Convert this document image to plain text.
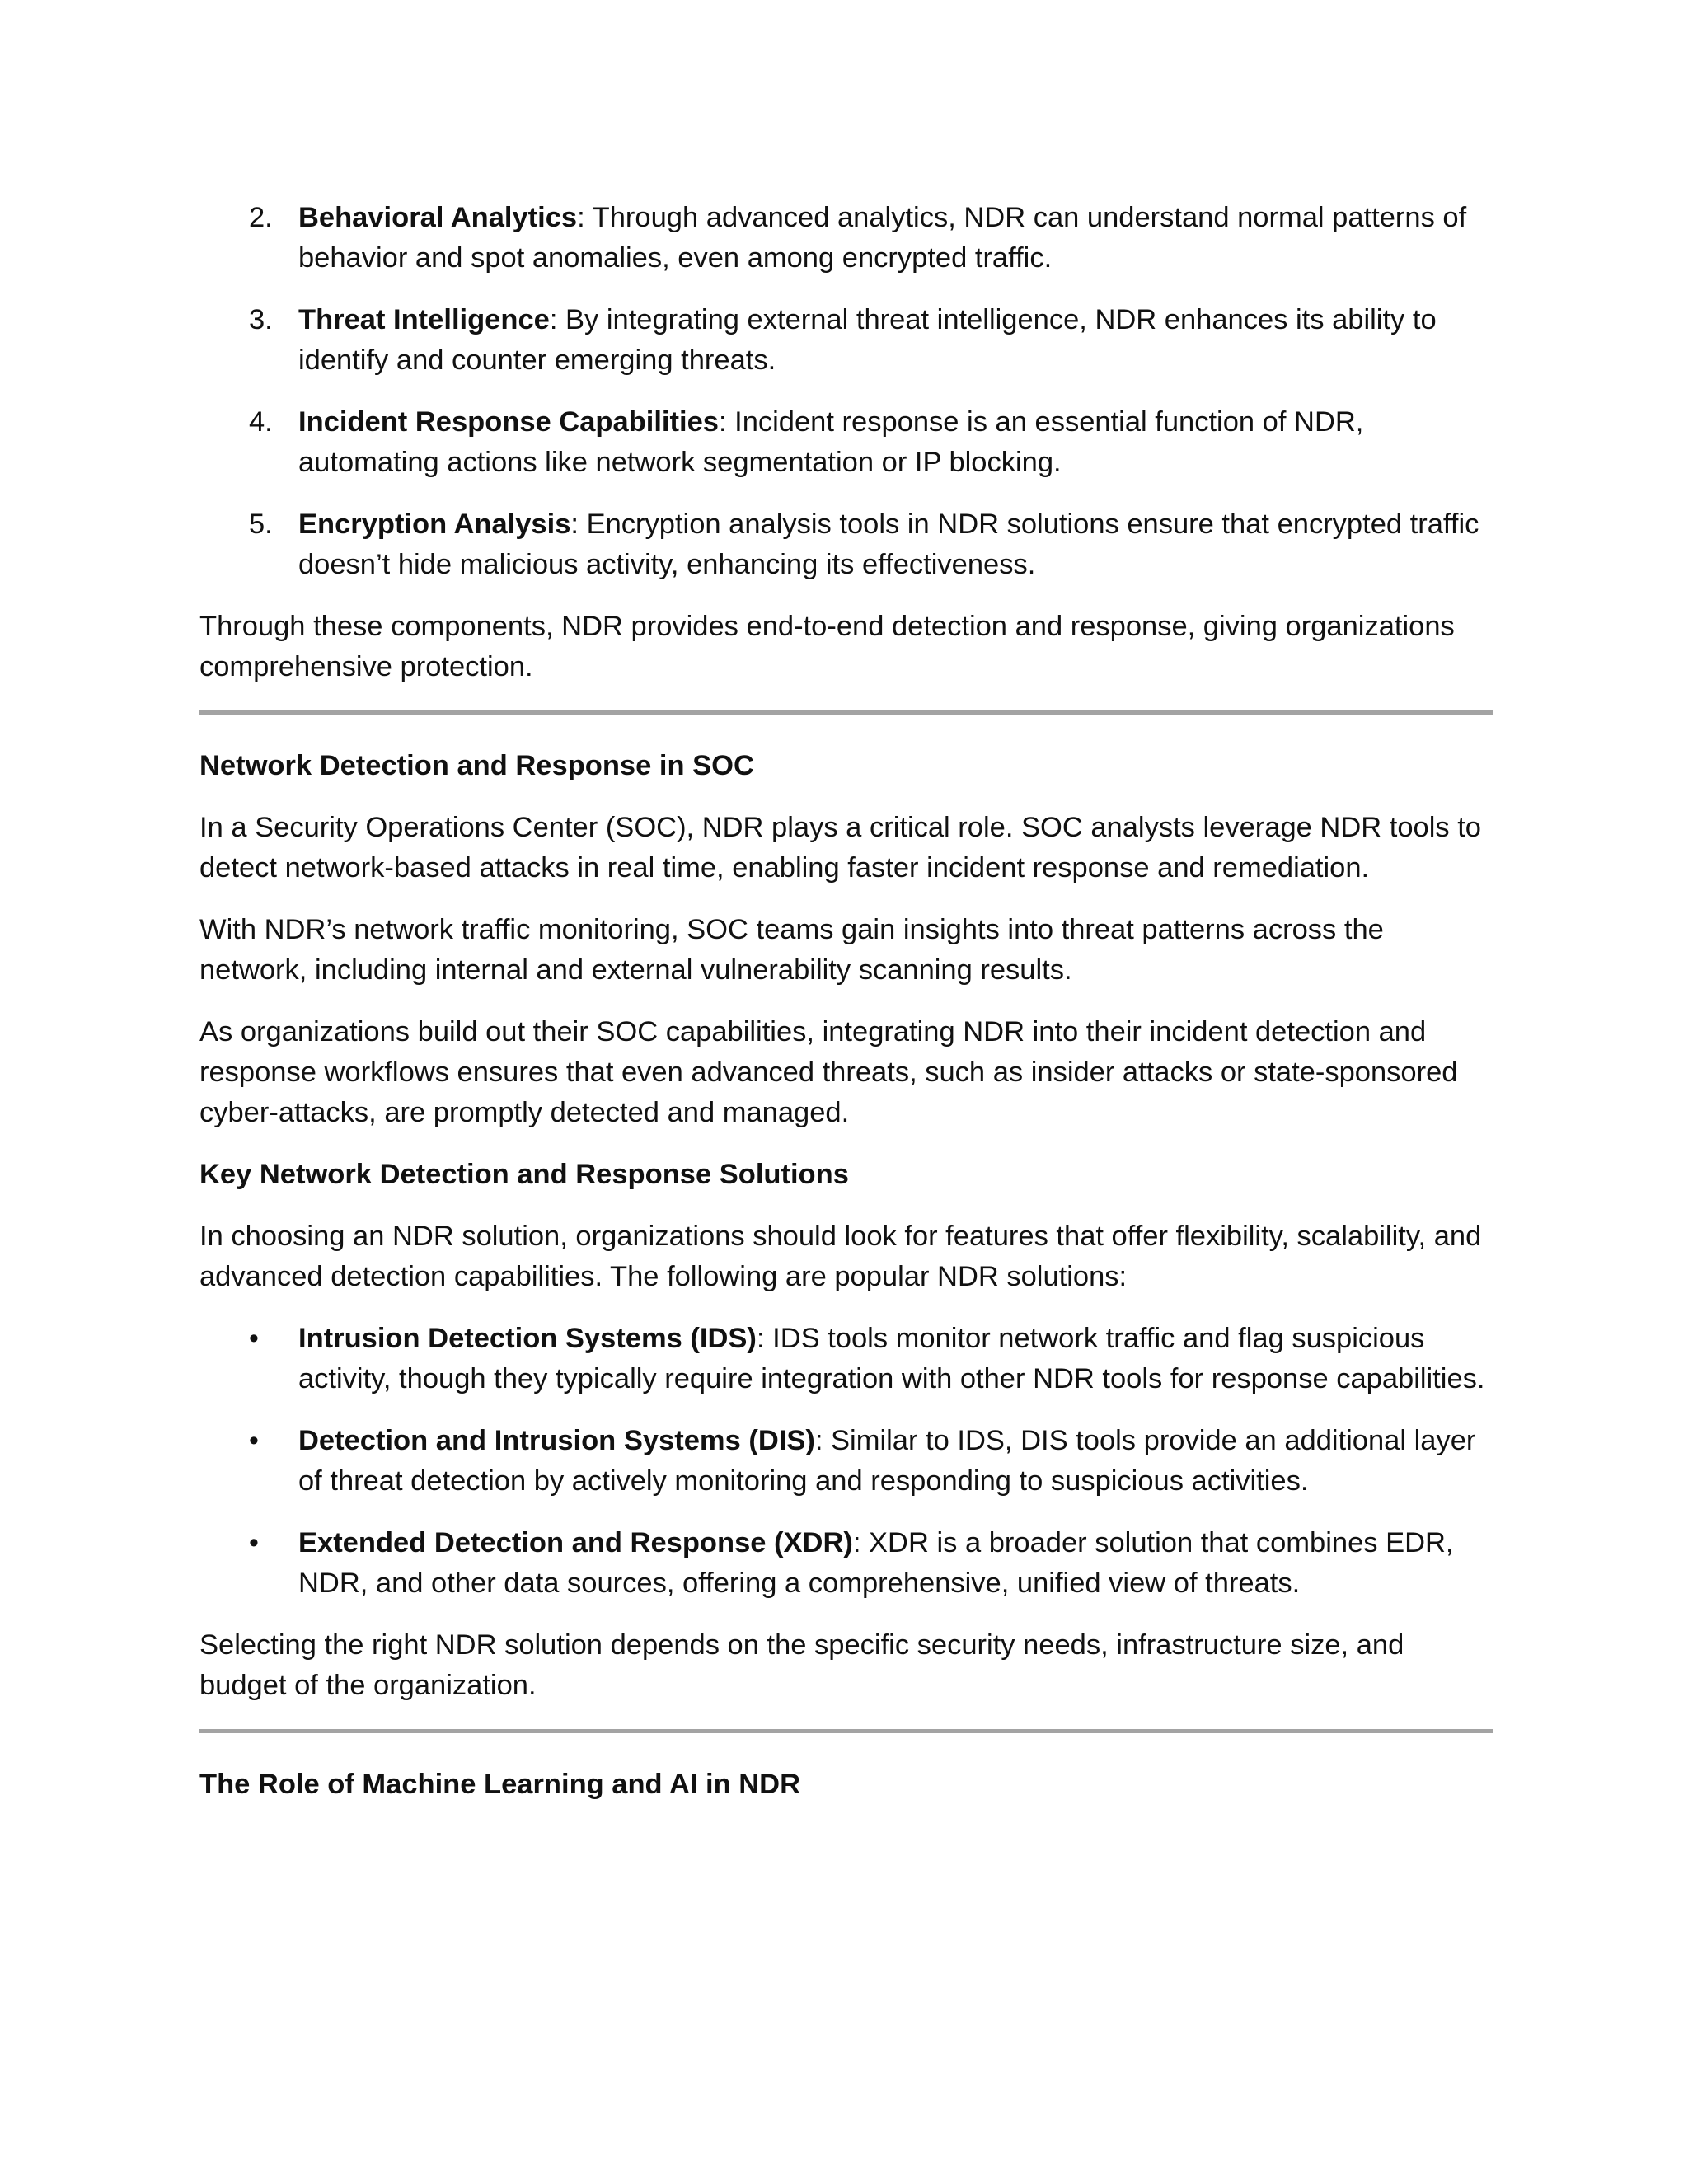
2. Behavioral Analytics: Through advanced analytics, NDR can understand normal patterns of behavior and spot anomalies, even among encrypted traffic.
3. Threat Intelligence: By integrating external threat intelligence, NDR enhances its ability to identify and counter emerging threats.
4. Incident Response Capabilities: Incident response is an essential function of NDR, automating actions like network segmentation or IP blocking.
5. Encryption Analysis: Encryption analysis tools in NDR solutions ensure that encrypted traffic doesn’t hide malicious activity, enhancing its effectiveness.

Through these components, NDR provides end-to-end detection and response, giving organizations comprehensive protection.

Network Detection and Response in SOC

In a Security Operations Center (SOC), NDR plays a critical role. SOC analysts leverage NDR tools to detect network-based attacks in real time, enabling faster incident response and remediation.

With NDR’s network traffic monitoring, SOC teams gain insights into threat patterns across the network, including internal and external vulnerability scanning results.

As organizations build out their SOC capabilities, integrating NDR into their incident detection and response workflows ensures that even advanced threats, such as insider attacks or state-sponsored cyber-attacks, are promptly detected and managed.

Key Network Detection and Response Solutions

In choosing an NDR solution, organizations should look for features that offer flexibility, scalability, and advanced detection capabilities. The following are popular NDR solutions:

•	Intrusion Detection Systems (IDS): IDS tools monitor network traffic and flag suspicious activity, though they typically require integration with other NDR tools for response capabilities.
•	Detection and Intrusion Systems (DIS): Similar to IDS, DIS tools provide an additional layer of threat detection by actively monitoring and responding to suspicious activities.
•	Extended Detection and Response (XDR): XDR is a broader solution that combines EDR, NDR, and other data sources, offering a comprehensive, unified view of threats.

Selecting the right NDR solution depends on the specific security needs, infrastructure size, and budget of the organization.

The Role of Machine Learning and AI in NDR
